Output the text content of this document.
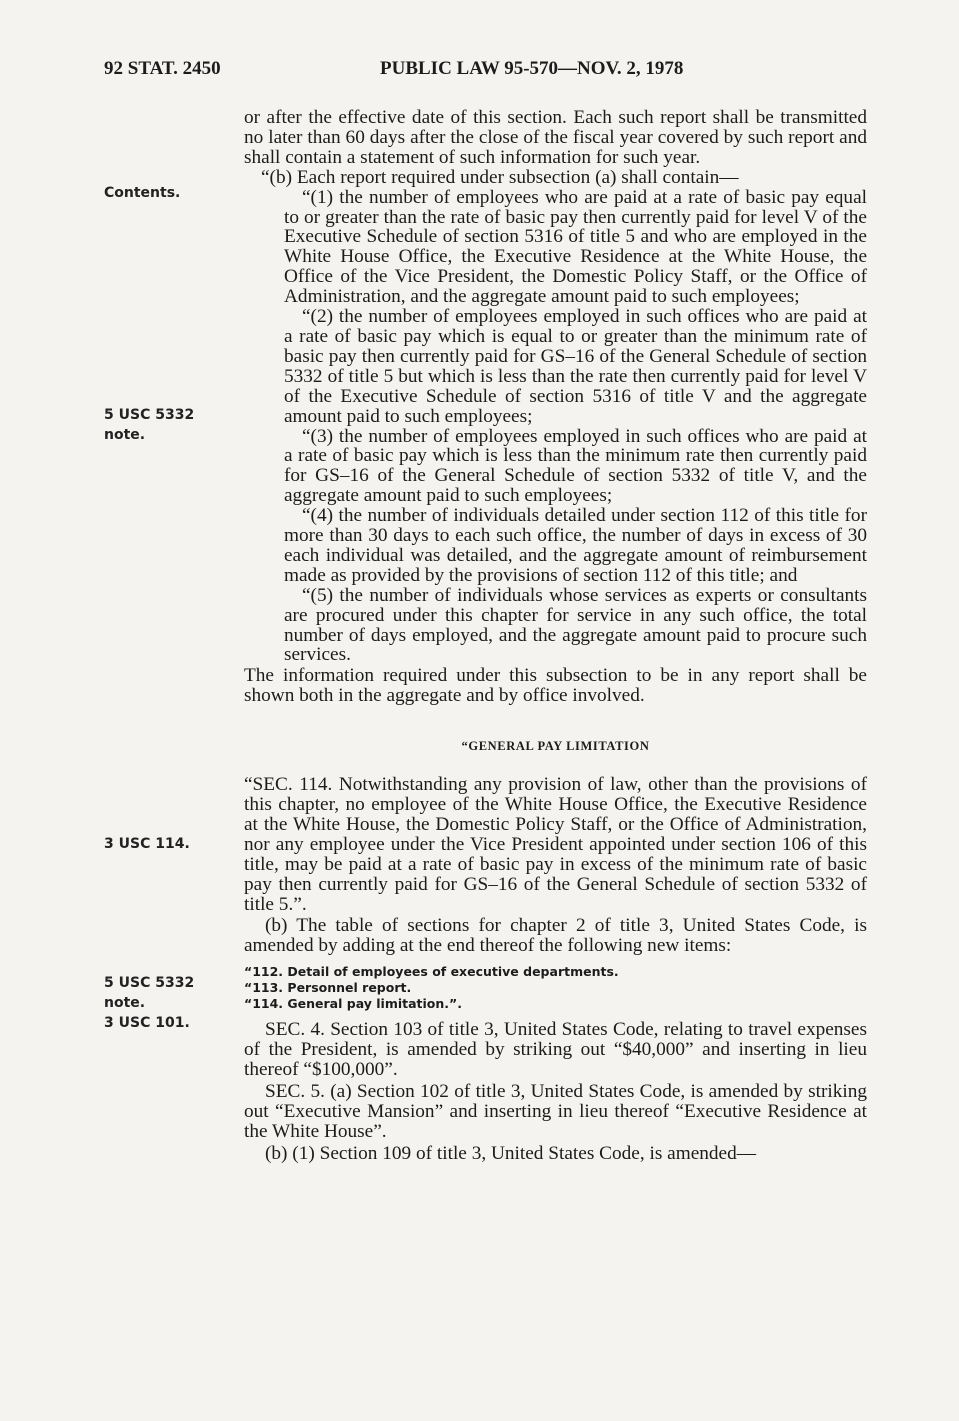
92 STAT. 2450	PUBLIC LAW 95-570—NOV. 2, 1978
Contents.
5 USC 5332
note.
3 USC 114.
5 USC 5332
note.
3 USC 101.

or after the effective date of this section. Each such report shall be transmitted no later than 60 days after the close of the fiscal year covered by such report and shall contain a statement of such information for such year.

“(b) Each report required under subsection (a) shall contain—

“(1) the number of employees who are paid at a rate of basic pay equal to or greater than the rate of basic pay then currently paid for level V of the Executive Schedule of section 5316 of title 5 and who are employed in the White House Office, the Executive Residence at the White House, the Office of the Vice President, the Domestic Policy Staff, or the Office of Administration, and the aggregate amount paid to such employees;

“(2) the number of employees employed in such offices who are paid at a rate of basic pay which is equal to or greater than the minimum rate of basic pay then currently paid for GS–16 of the General Schedule of section 5332 of title 5 but which is less than the rate then currently paid for level V of the Executive Schedule of section 5316 of title V and the aggregate amount paid to such employees;

“(3) the number of employees employed in such offices who are paid at a rate of basic pay which is less than the minimum rate then currently paid for GS–16 of the General Schedule of section 5332 of title V, and the aggregate amount paid to such employees;

“(4) the number of individuals detailed under section 112 of this title for more than 30 days to each such office, the number of days in excess of 30 each individual was detailed, and the aggregate amount of reimbursement made as provided by the provisions of section 112 of this title; and

“(5) the number of individuals whose services as experts or consultants are procured under this chapter for service in any such office, the total number of days employed, and the aggregate amount paid to procure such services.

The information required under this subsection to be in any report shall be shown both in the aggregate and by office involved.

“GENERAL PAY LIMITATION

“SEC. 114. Notwithstanding any provision of law, other than the provisions of this chapter, no employee of the White House Office, the Executive Residence at the White House, the Domestic Policy Staff, or the Office of Administration, nor any employee under the Vice President appointed under section 106 of this title, may be paid at a rate of basic pay in excess of the minimum rate of basic pay then currently paid for GS–16 of the General Schedule of section 5332 of title 5.”.

(b) The table of sections for chapter 2 of title 3, United States Code, is amended by adding at the end thereof the following new items:

“112. Detail of employees of executive departments.
“113. Personnel report.
“114. General pay limitation.”.

SEC. 4. Section 103 of title 3, United States Code, relating to travel expenses of the President, is amended by striking out “$40,000” and inserting in lieu thereof “$100,000”.

SEC. 5. (a) Section 102 of title 3, United States Code, is amended by striking out “Executive Mansion” and inserting in lieu thereof “Executive Residence at the White House”.

(b) (1) Section 109 of title 3, United States Code, is amended—
